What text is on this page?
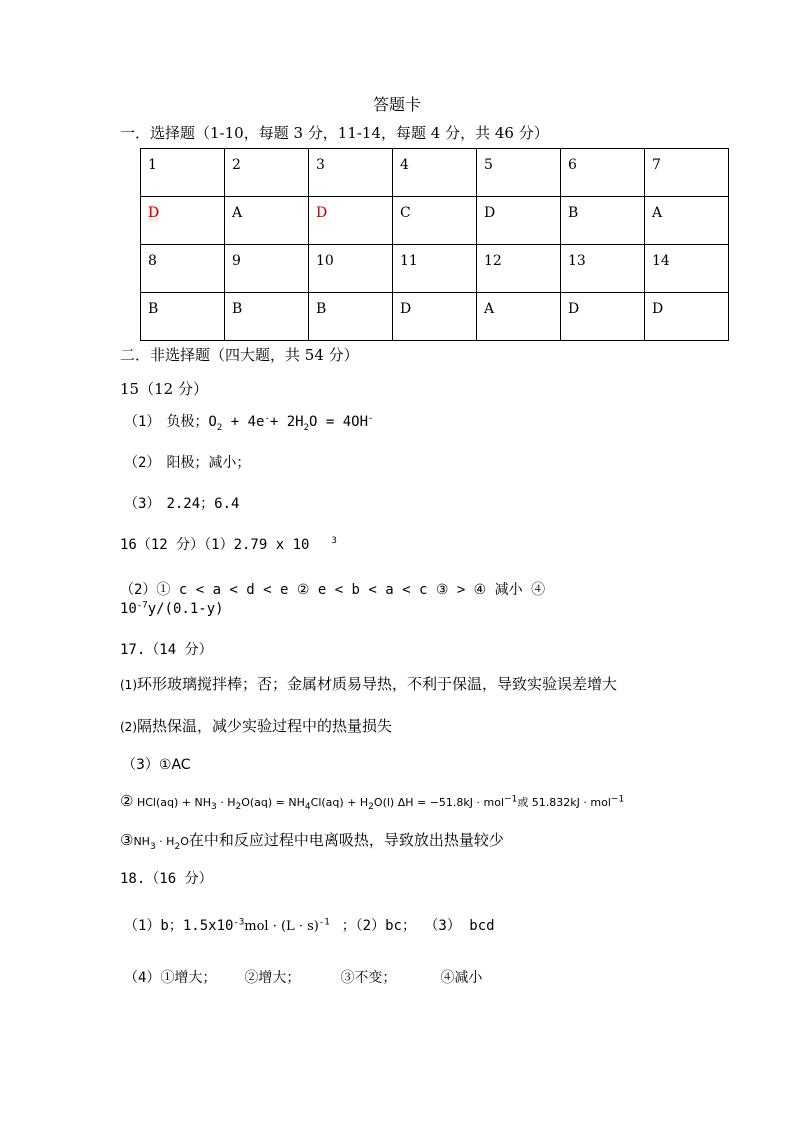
答题卡
一．选择题（1-10，每题 3 分，11-14，每题 4 分，共 46 分）
1	2	3	4	5	6	7

D	A	D	C	D	B	A

8	9	10	11	12	13	14

B	B	B	D	A	D	D
二．非选择题（四大题，共 54 分）
15（12 分）
（1） 负极；$O_2 + 4e^-+ 2H_2O = 4OH^-$
（2） 阳极；减小；
（3） 2.24；6.4
16（12 分）（1）2.79 x 10 $^3$
（2）① c < a < d < e ② e < b < a < c ③ > ④ 减小 ④
$10^{-7}y/(0.1-y)$
17.（14 分）
(1)环形玻璃搅拌棒；否；金属材质易导热，不利于保温，导致实验误差增大
(2)隔热保温，减少实验过程中的热量损失
（3）①AC
② $HCl(aq) + NH_3 \cdot H_2O(aq) = NH_4Cl(aq) + H_2O(l) \Delta H = -51.8kJ \cdot mol^{-1}$或 51.832kJ · mol$^{-1}$
$③NH_3 \cdot H_2O$在中和反应过程中电离吸热，导致放出热量较少
18.（16 分）
（1）b；$1.5x10^{-3}mol \cdot (L \cdot s)^{-1}$ ；（2）bc； （3） bcd
（4）①增大； ②增大；	③不变；	④减小
